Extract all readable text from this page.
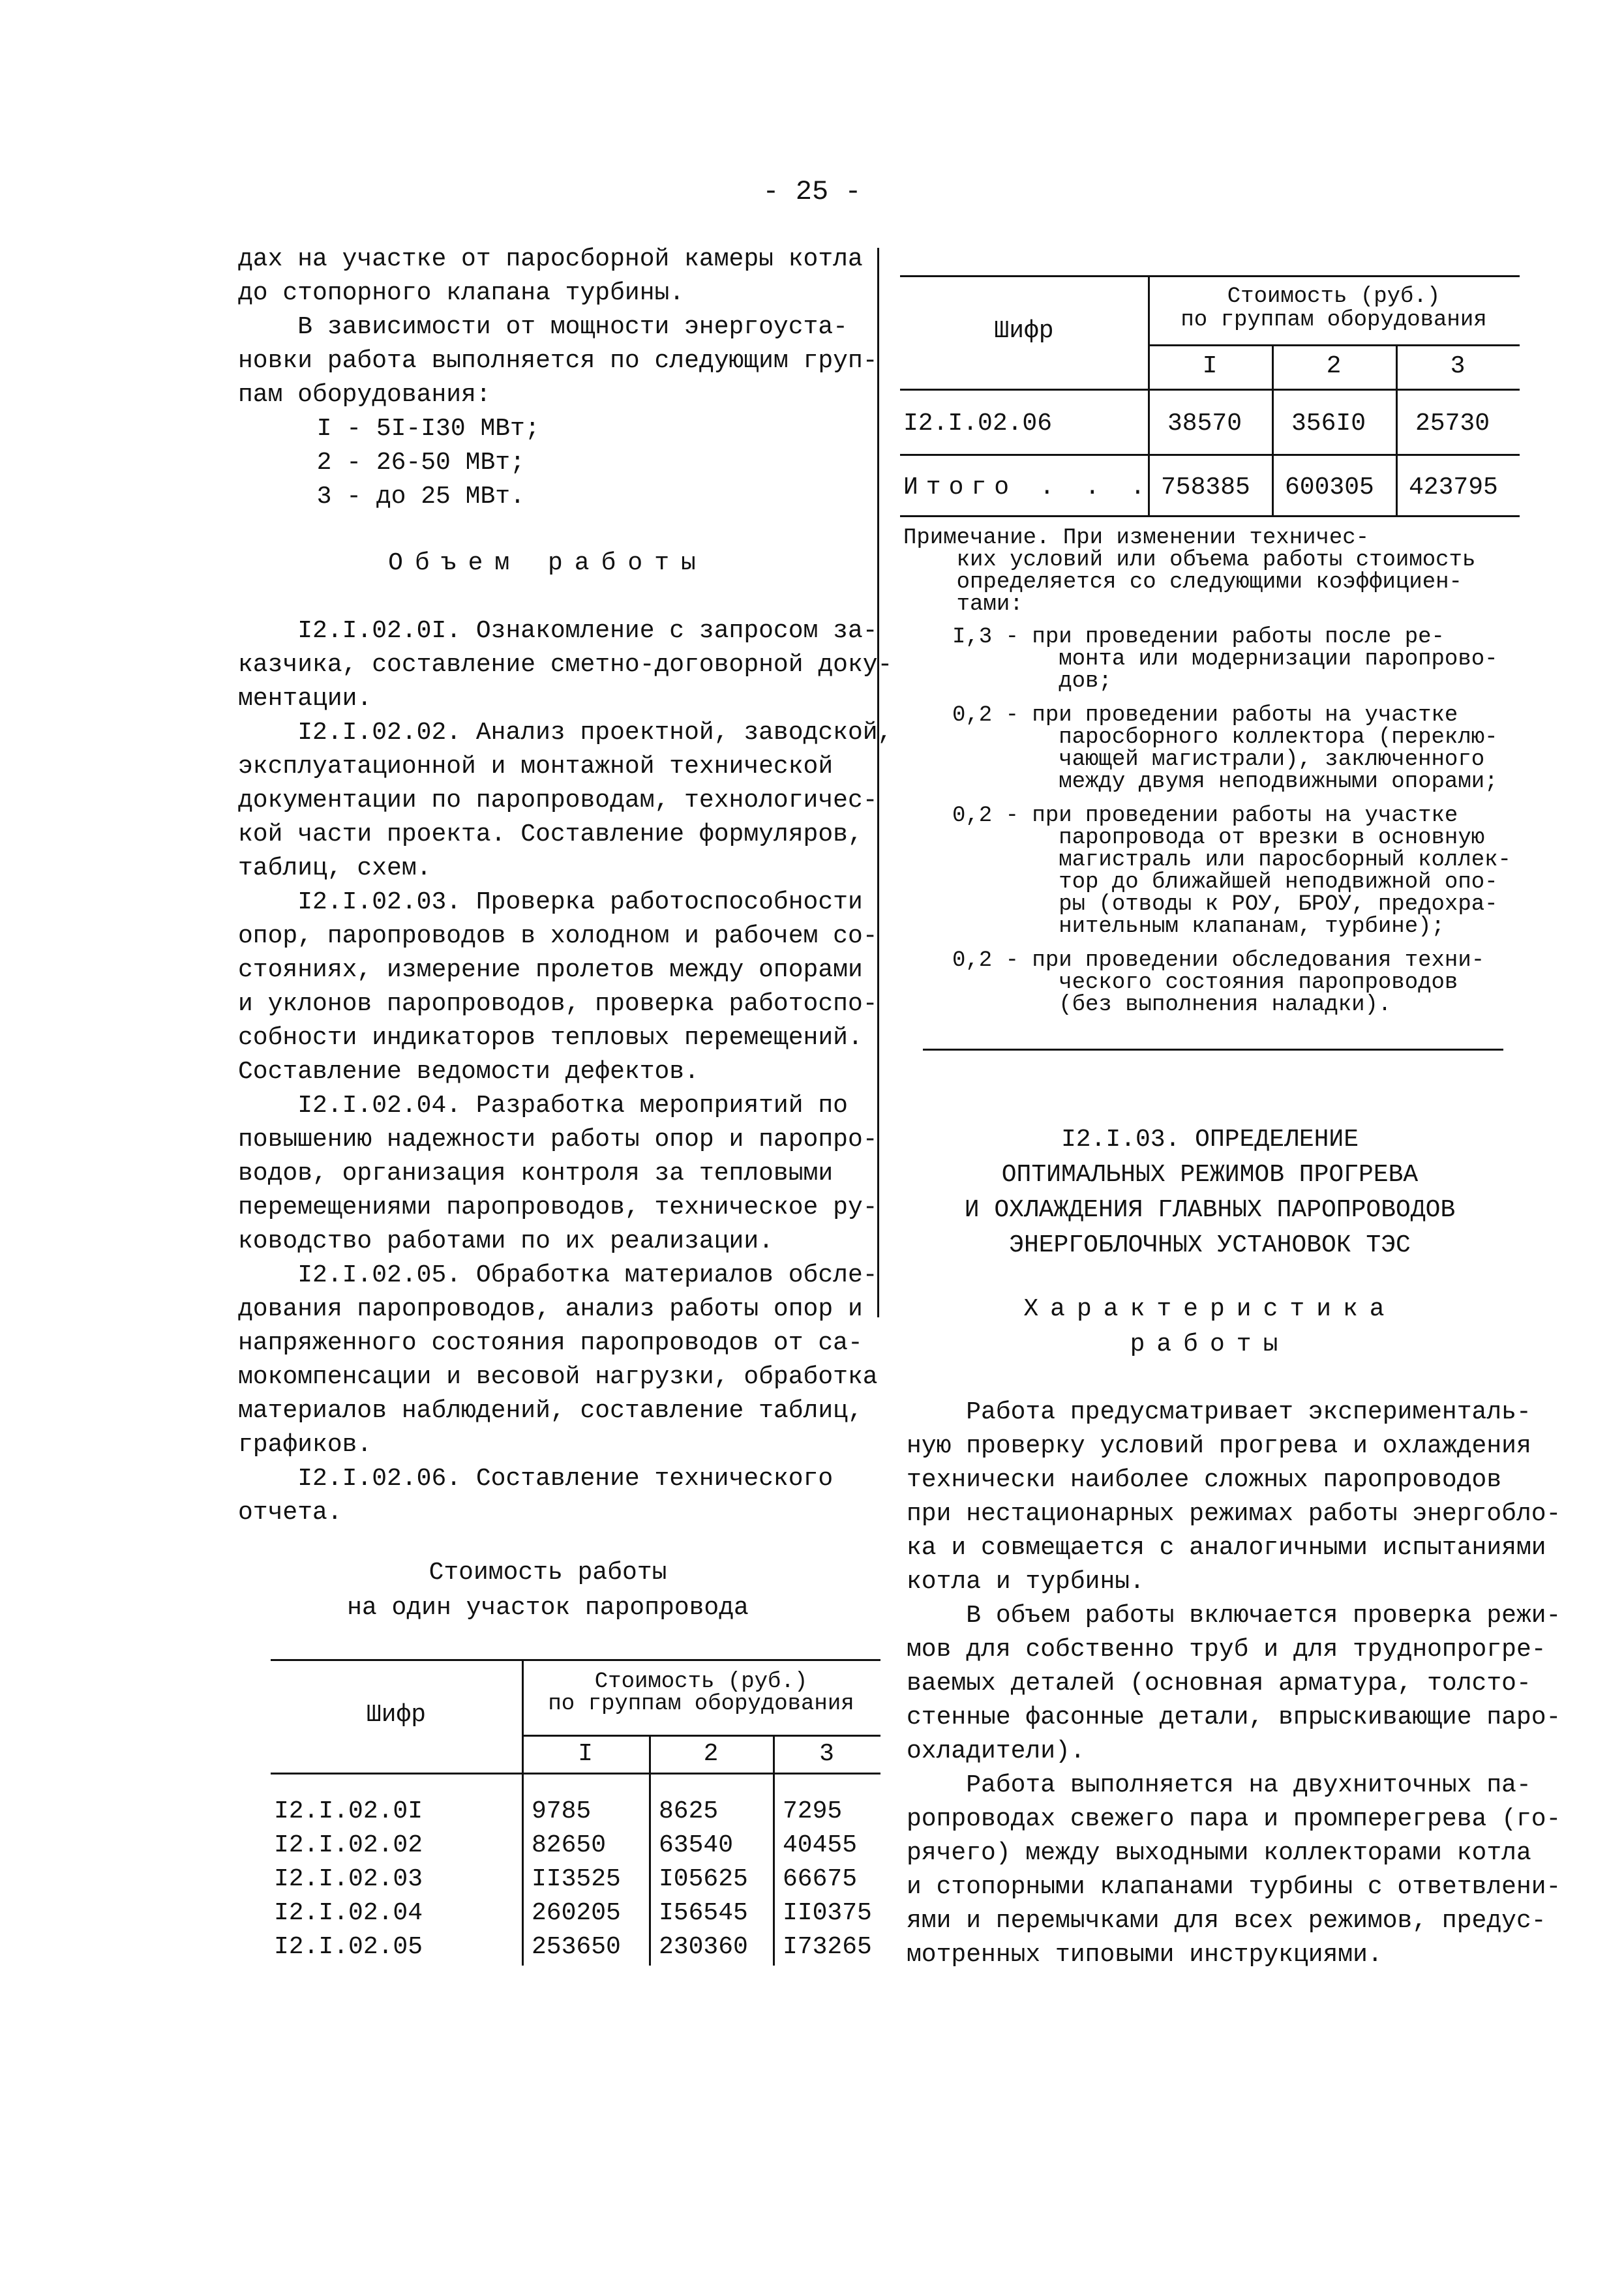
- 25 -
дах на участке от паросборной камеры котла
до стопорного клапана турбины.
В зависимости от мощности энергоуста-
новки работа выполняется по следующим груп-
пам оборудования:
I - 5I-I30 МВт;
2 - 26-50 МВт;
3 - до 25 МВт.
Объем работы
I2.I.02.0I. Ознакомление с запросом за-
казчика, составление сметно-договорной доку-
ментации.
I2.I.02.02. Анализ проектной, заводской,
эксплуатационной и монтажной технической
документации по паропроводам, технологичес-
кой части проекта. Составление формуляров,
таблиц, схем.
I2.I.02.03. Проверка работоспособности
опор, паропроводов в холодном и рабочем со-
стояниях, измерение пролетов между опорами
и уклонов паропроводов, проверка работоспо-
собности индикаторов тепловых перемещений.
Составление ведомости дефектов.
I2.I.02.04. Разработка мероприятий по
повышению надежности работы опор и паропро-
водов, организация контроля за тепловыми
перемещениями паропроводов, техническое ру-
ководство работами по их реализации.
I2.I.02.05. Обработка материалов обсле-
дования паропроводов, анализ работы опор и
напряженного состояния паропроводов от са-
мокомпенсации и весовой нагрузки, обработка
материалов наблюдений, составление таблиц,
графиков.
I2.I.02.06. Составление технического
отчета.
Стоимость работы
на один участок паропровода
Шифр
Стоимость (руб.)
по группам оборудования
I	2	3
I2.I.02.0I	9785	8625	7295
I2.I.02.02	82650 63540 40455
I2.I.02.03	II3525 I05625 66675
I2.I.02.04	260205 I56545 II0375
I2.I.02.05	253650 230360 I73265
Шифр
Стоимость (руб.)
по группам оборудования
I	2	3
I2.I.02.06	38570 356I0 25730
Итого . . . 758385 600305 423795
Примечание. При изменении техничес-
ких условий или объема работы стоимость
определяется со следующими коэффициен-
тами:
I,3 - при проведении работы после ре-
монта или модернизации паропрово-
дов;
0,2 - при проведении работы на участке
паросборного коллектора (переклю-
чающей магистрали), заключенного
между двумя неподвижными опорами;
0,2 - при проведении работы на участке
паропровода от врезки в основную
магистраль или паросборный коллек-
тор до ближайшей неподвижной опо-
ры (отводы к РОУ, БРОУ, предохра-
нительным клапанам, турбине);
0,2 - при проведении обследования техни-
ческого состояния паропроводов
(без выполнения наладки).
I2.I.03. ОПРЕДЕЛЕНИЕ
ОПТИМАЛЬНЫХ РЕЖИМОВ ПРОГРЕВА
И ОХЛАЖДЕНИЯ ГЛАВНЫХ ПАРОПРОВОДОВ
ЭНЕРГОБЛОЧНЫХ УСТАНОВОК ТЭС
Характеристика
работы
Работа предусматривает эксперименталь-
ную проверку условий прогрева и охлаждения
технически наиболее сложных паропроводов
при нестационарных режимах работы энергобло-
ка и совмещается с аналогичными испытаниями
котла и турбины.
В объем работы включается проверка режи-
мов для собственно труб и для труднопрогре-
ваемых деталей (основная арматура, толсто-
стенные фасонные детали, впрыскивающие паро-
охладители).
Работа выполняется на двухниточных па-
ропроводах свежего пара и промперегрева (го-
рячего) между выходными коллекторами котла
и стопорными клапанами турбины с ответвлени-
ями и перемычками для всех режимов, предус-
мотренных типовыми инструкциями.
